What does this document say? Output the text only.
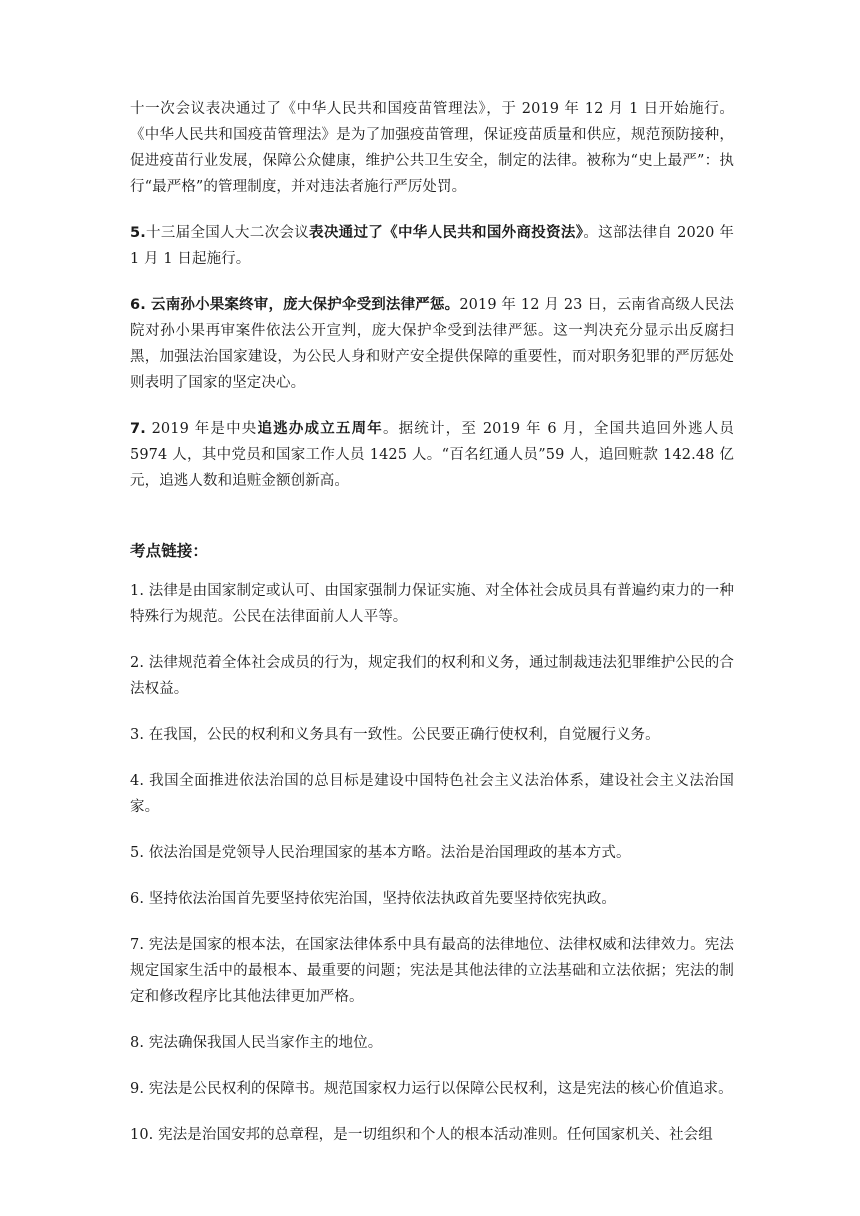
十一次会议表决通过了《中华人民共和国疫苗管理法》，于 2019 年 12 月 1 日开始施行。《中华人民共和国疫苗管理法》是为了加强疫苗管理，保证疫苗质量和供应，规范预防接种，促进疫苗行业发展，保障公众健康，维护公共卫生安全，制定的法律。被称为“史上最严”：执行“最严格”的管理制度，并对违法者施行严厉处罚。

5.十三届全国人大二次会议表决通过了《中华人民共和国外商投资法》。这部法律自 2020 年 1 月 1 日起施行。

6. 云南孙小果案终审，庞大保护伞受到法律严惩。2019 年 12 月 23 日，云南省高级人民法院对孙小果再审案件依法公开宣判，庞大保护伞受到法律严惩。这一判决充分显示出反腐扫黑，加强法治国家建设，为公民人身和财产安全提供保障的重要性，而对职务犯罪的严厉惩处则表明了国家的坚定决心。

7. 2019 年是中央追逃办成立五周年。据统计，至 2019 年 6 月，全国共追回外逃人员 5974 人，其中党员和国家工作人员 1425 人。“百名红通人员”59 人，追回赃款 142.48 亿元，追逃人数和追赃金额创新高。

考点链接：

1. 法律是由国家制定或认可、由国家强制力保证实施、对全体社会成员具有普遍约束力的一种特殊行为规范。公民在法律面前人人平等。

2. 法律规范着全体社会成员的行为，规定我们的权利和义务，通过制裁违法犯罪维护公民的合法权益。

3. 在我国，公民的权利和义务具有一致性。公民要正确行使权利，自觉履行义务。

4. 我国全面推进依法治国的总目标是建设中国特色社会主义法治体系，建设社会主义法治国家。

5. 依法治国是党领导人民治理国家的基本方略。法治是治国理政的基本方式。

6. 坚持依法治国首先要坚持依宪治国，坚持依法执政首先要坚持依宪执政。

7. 宪法是国家的根本法，在国家法律体系中具有最高的法律地位、法律权威和法律效力。宪法规定国家生活中的最根本、最重要的问题；宪法是其他法律的立法基础和立法依据；宪法的制定和修改程序比其他法律更加严格。

8. 宪法确保我国人民当家作主的地位。

9. 宪法是公民权利的保障书。规范国家权力运行以保障公民权利，这是宪法的核心价值追求。

10. 宪法是治国安邦的总章程，是一切组织和个人的根本活动准则。任何国家机关、社会组
